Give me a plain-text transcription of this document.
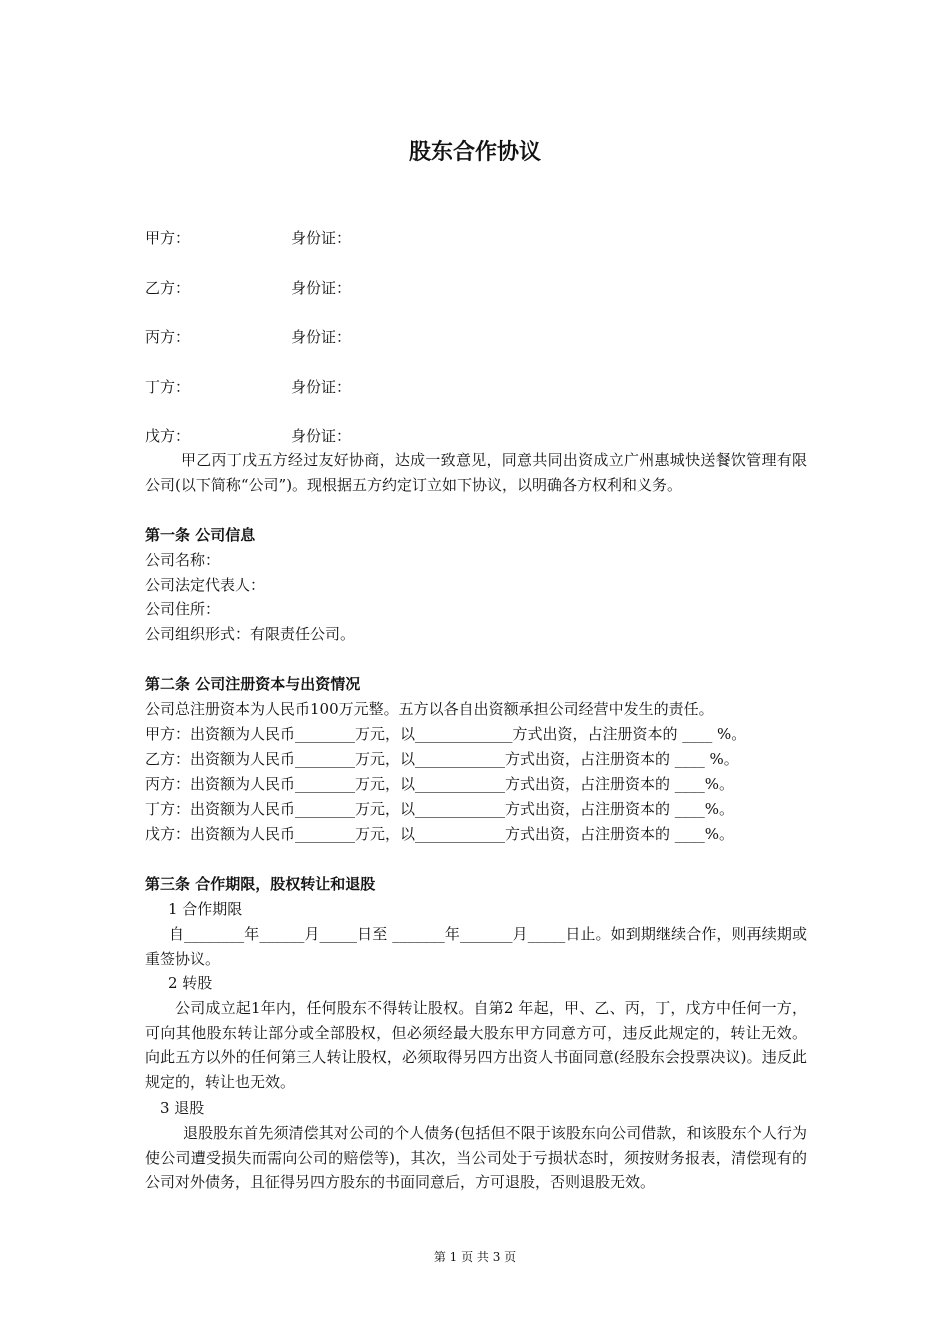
股东合作协议
甲方：	身份证：
乙方：	身份证：
丙方：	身份证：
丁方：	身份证：
戊方：	身份证：
甲乙丙丁戊五方经过友好协商，达成一致意见，同意共同出资成立广州惠城快送餐饮管理有限公司(以下简称“公司”)。现根据五方约定订立如下协议，以明确各方权利和义务。
第一条 公司信息
公司名称：
公司法定代表人：
公司住所：
公司组织形式：有限责任公司。
第二条 公司注册资本与出资情况
公司总注册资本为人民币100万元整。五方以各自出资额承担公司经营中发生的责任。
甲方：出资额为人民币________万元，以_____________方式出资，占注册资本的 ____ %。
乙方：出资额为人民币________万元，以____________方式出资，占注册资本的 ____ %。
丙方：出资额为人民币________万元，以____________方式出资，占注册资本的 ____%。
丁方：出资额为人民币________万元，以____________方式出资，占注册资本的 ____%。
戊方：出资额为人民币________万元，以____________方式出资，占注册资本的 ____%。
第三条 合作期限，股权转让和退股
1 合作期限
自________年______月_____日至 _______年_______月_____日止。如到期继续合作，则再续期或重签协议。
2 转股
公司成立起1年内，任何股东不得转让股权。自第2 年起，甲、乙、丙，丁，戊方中任何一方，可向其他股东转让部分或全部股权，但必须经最大股东甲方同意方可，违反此规定的，转让无效。 向此五方以外的任何第三人转让股权，必须取得另四方出资人书面同意(经股东会投票决议)。违反此规定的，转让也无效。
3 退股
退股股东首先须清偿其对公司的个人债务(包括但不限于该股东向公司借款，和该股东个人行为使公司遭受损失而需向公司的赔偿等)，其次，当公司处于亏损状态时，须按财务报表，清偿现有的公司对外债务，且征得另四方股东的书面同意后，方可退股，否则退股无效。
第 1 页 共 3 页
